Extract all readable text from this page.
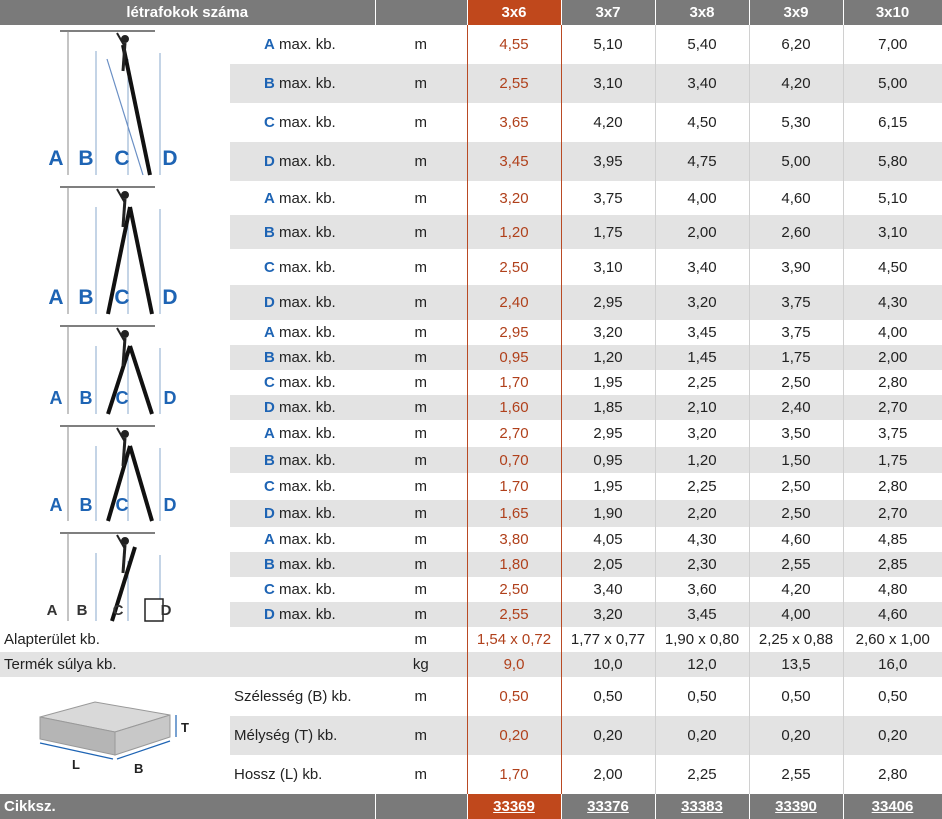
létrafokok száma			3x6	3x7	3x8	3x9	3x10

A B C D	A max. kb.	m	4,55	5,10	5,40	6,20	7,00
	B max. kb.	m	2,55	3,10	3,40	4,20	5,00
	C max. kb.	m	3,65	4,20	4,50	5,30	6,15
	D max. kb.	m	3,45	3,95	4,75	5,00	5,80

A B C D	A max. kb.	m	3,20	3,75	4,00	4,60	5,10
	B max. kb.	m	1,20	1,75	2,00	2,60	3,10
	C max. kb.	m	2,50	3,10	3,40	3,90	4,50
	D max. kb.	m	2,40	2,95	3,20	3,75	4,30

A B C D	A max. kb.	m	2,95	3,20	3,45	3,75	4,00
	B max. kb.	m	0,95	1,20	1,45	1,75	2,00
	C max. kb.	m	1,70	1,95	2,25	2,50	2,80
	D max. kb.	m	1,60	1,85	2,10	2,40	2,70

A B C D	A max. kb.	m	2,70	2,95	3,20	3,50	3,75
	B max. kb.	m	0,70	0,95	1,20	1,50	1,75
	C max. kb.	m	1,70	1,95	2,25	2,50	2,80
	D max. kb.	m	1,65	1,90	2,20	2,50	2,70

A B C D	A max. kb.	m	3,80	4,05	4,30	4,60	4,85
	B max. kb.	m	1,80	2,05	2,30	2,55	2,85
	C max. kb.	m	2,50	3,40	3,60	4,20	4,80
	D max. kb.	m	2,55	3,20	3,45	4,00	4,60
Alapterület kb.		m	1,54 x 0,72	1,77 x 0,77	1,90 x 0,80	2,25 x 0,88	2,60 x 1,00
Termék súlya kb.		kg	9,0	10,0	12,0	13,5	16,0

T
L B	Szélesség (B) kb.	m	0,50	0,50	0,50	0,50	0,50
	Mélység (T) kb.	m	0,20	0,20	0,20	0,20	0,20
	Hossz (L) kb.	m	1,70	2,00	2,25	2,55	2,80
Cikksz.			33369	33376	33383	33390	33406
